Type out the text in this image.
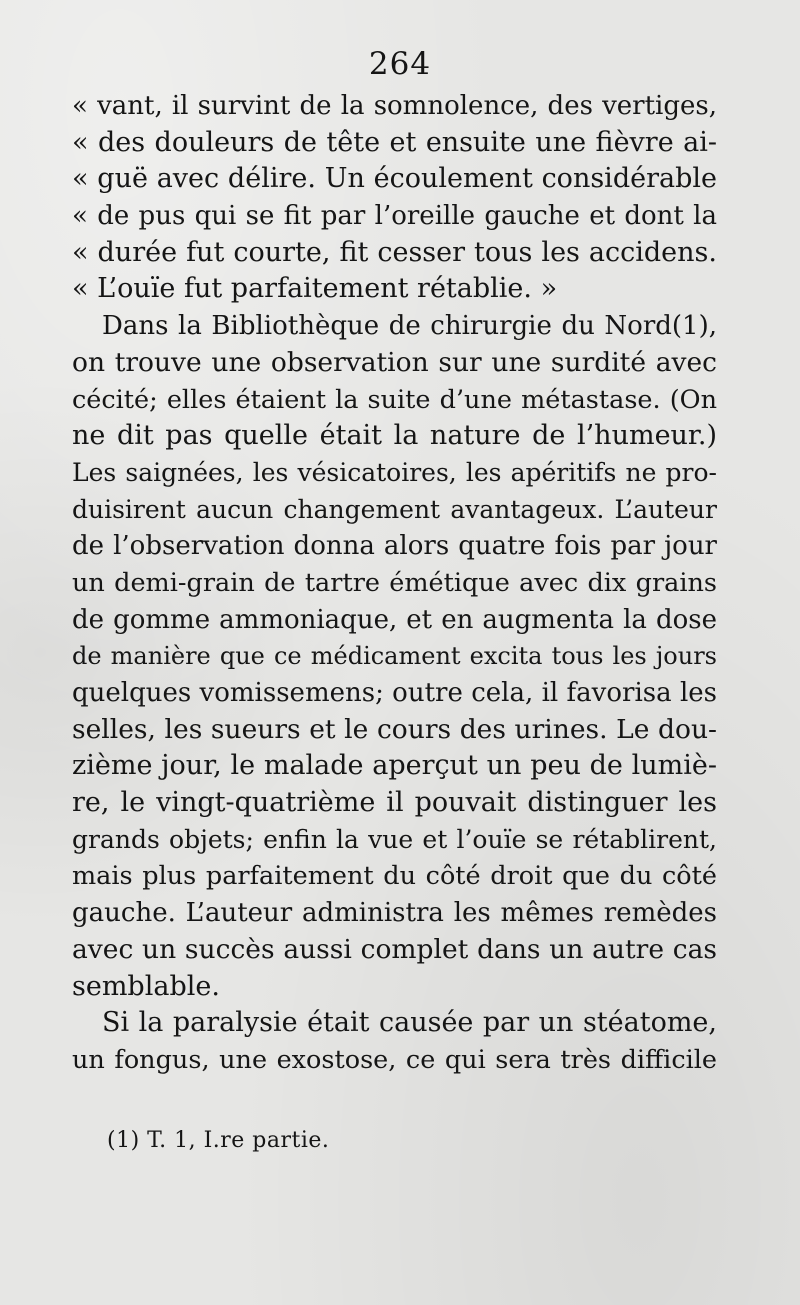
264
« vant, il survint de la somnolence, des vertiges,
« des douleurs de tête et ensuite une fièvre ai-
« guë avec délire. Un écoulement considérable
« de pus qui se fit par l’oreille gauche et dont la
« durée fut courte, fit cesser tous les accidens.
« L’ouïe fut parfaitement rétablie. »
Dans la Bibliothèque de chirurgie du Nord(1),
on trouve une observation sur une surdité avec
cécité; elles étaient la suite d’une métastase. (On
ne dit pas quelle était la nature de l’humeur.)
Les saignées, les vésicatoires, les apéritifs ne pro-
duisirent aucun changement avantageux. L’auteur
de l’observation donna alors quatre fois par jour
un demi-grain de tartre émétique avec dix grains
de gomme ammoniaque, et en augmenta la dose
de manière que ce médicament excita tous les jours
quelques vomissemens; outre cela, il favorisa les
selles, les sueurs et le cours des urines. Le dou-
zième jour, le malade aperçut un peu de lumiè-
re, le vingt-quatrième il pouvait distinguer les
grands objets; enfin la vue et l’ouïe se rétablirent,
mais plus parfaitement du côté droit que du côté
gauche. L’auteur administra les mêmes remèdes
avec un succès aussi complet dans un autre cas
semblable.
Si la paralysie était causée par un stéatome,
un fongus, une exostose, ce qui sera très difficile
(1) T. 1, I.re partie.
